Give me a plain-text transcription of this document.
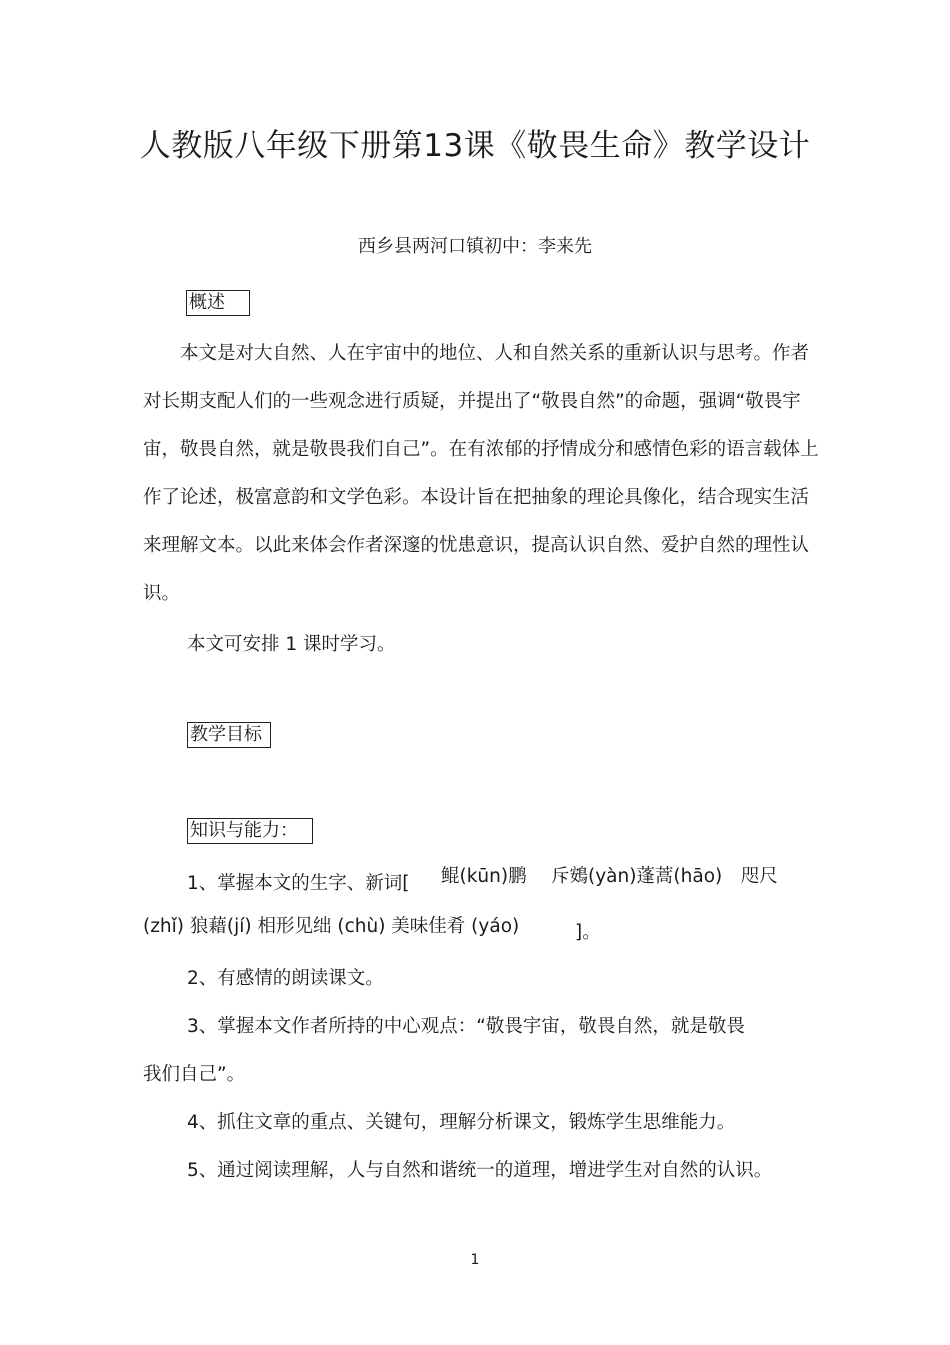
人教版八年级下册第13课《敬畏生命》教学设计
西乡县两河口镇初中：李来先
概述

本文是对大自然、人在宇宙中的地位、人和自然关系的重新认识与思考。作者对长期支配人们的一些观念进行质疑，并提出了“敬畏自然”的命题，强调“敬畏宇宙，敬畏自然，就是敬畏我们自己”。在有浓郁的抒情成分和感情色彩的语言载体上作了论述，极富意韵和文学色彩。本设计旨在把抽象的理论具像化，结合现实生活来理解文本。以此来体会作者深邃的忧患意识，提高认识自然、爱护自然的理性认识。

本文可安排 1 课时学习。
教学目标
知识与能力：
1、掌握本文的生字、新词[ 鲲(kūn)鹏　 斥鴳(yàn)蓬蒿(hāo)　咫尺
(zhǐ) 狼藉(jí) 相形见绌 (chù) 美味佳肴 (yáo)	]。
2、有感情的朗读课文。
3、掌握本文作者所持的中心观点：“敬畏宇宙，敬畏自然，就是敬畏
我们自己”。
4、抓住文章的重点、关键句，理解分析课文，锻炼学生思维能力。
5、通过阅读理解，人与自然和谐统一的道理，增进学生对自然的认识。
1
